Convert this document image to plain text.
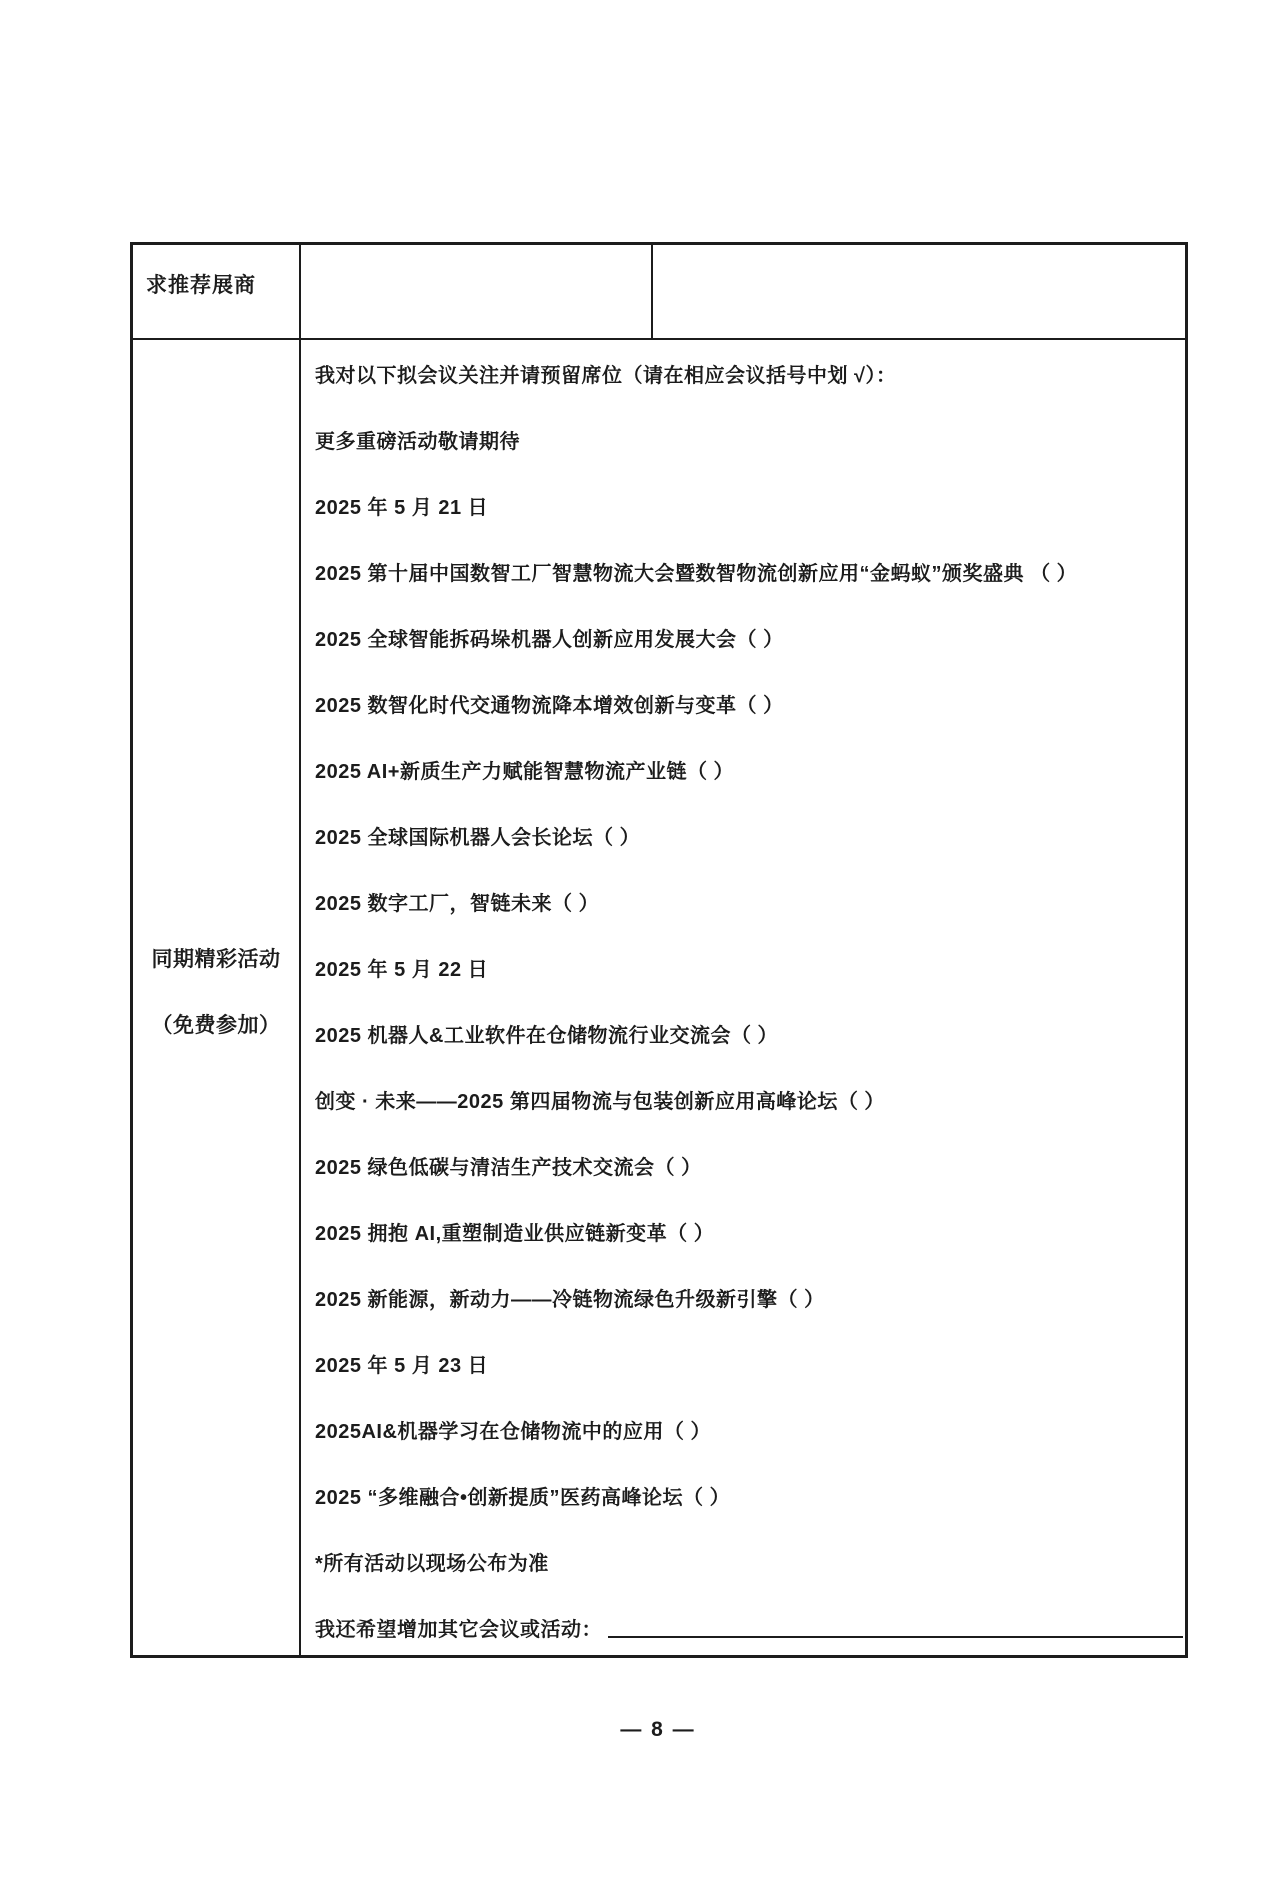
求推荐展商
同期精彩活动
（免费参加）
我对以下拟会议关注并请预留席位（请在相应会议括号中划 √）：
更多重磅活动敬请期待
2025 年 5 月 21 日
2025 第十届中国数智工厂智慧物流大会暨数智物流创新应用“金蚂蚁”颁奖盛典 （ ）
2025 全球智能拆码垛机器人创新应用发展大会（ ）
2025 数智化时代交通物流降本增效创新与变革（ ）
2025 AI+新质生产力赋能智慧物流产业链（ ）
2025 全球国际机器人会长论坛（ ）
2025 数字工厂，智链未来（ ）
2025 年 5 月 22 日
2025 机器人&工业软件在仓储物流行业交流会（ ）
创变 · 未来——2025 第四届物流与包装创新应用高峰论坛（ ）
2025 绿色低碳与清洁生产技术交流会（ ）
2025 拥抱 AI,重塑制造业供应链新变革（ ）
2025 新能源，新动力——冷链物流绿色升级新引擎（ ）
2025 年 5 月 23 日
2025AI&机器学习在仓储物流中的应用（ ）
2025 “多维融合•创新提质”医药高峰论坛（ ）
*所有活动以现场公布为准
我还希望增加其它会议或活动：
— 8 —
